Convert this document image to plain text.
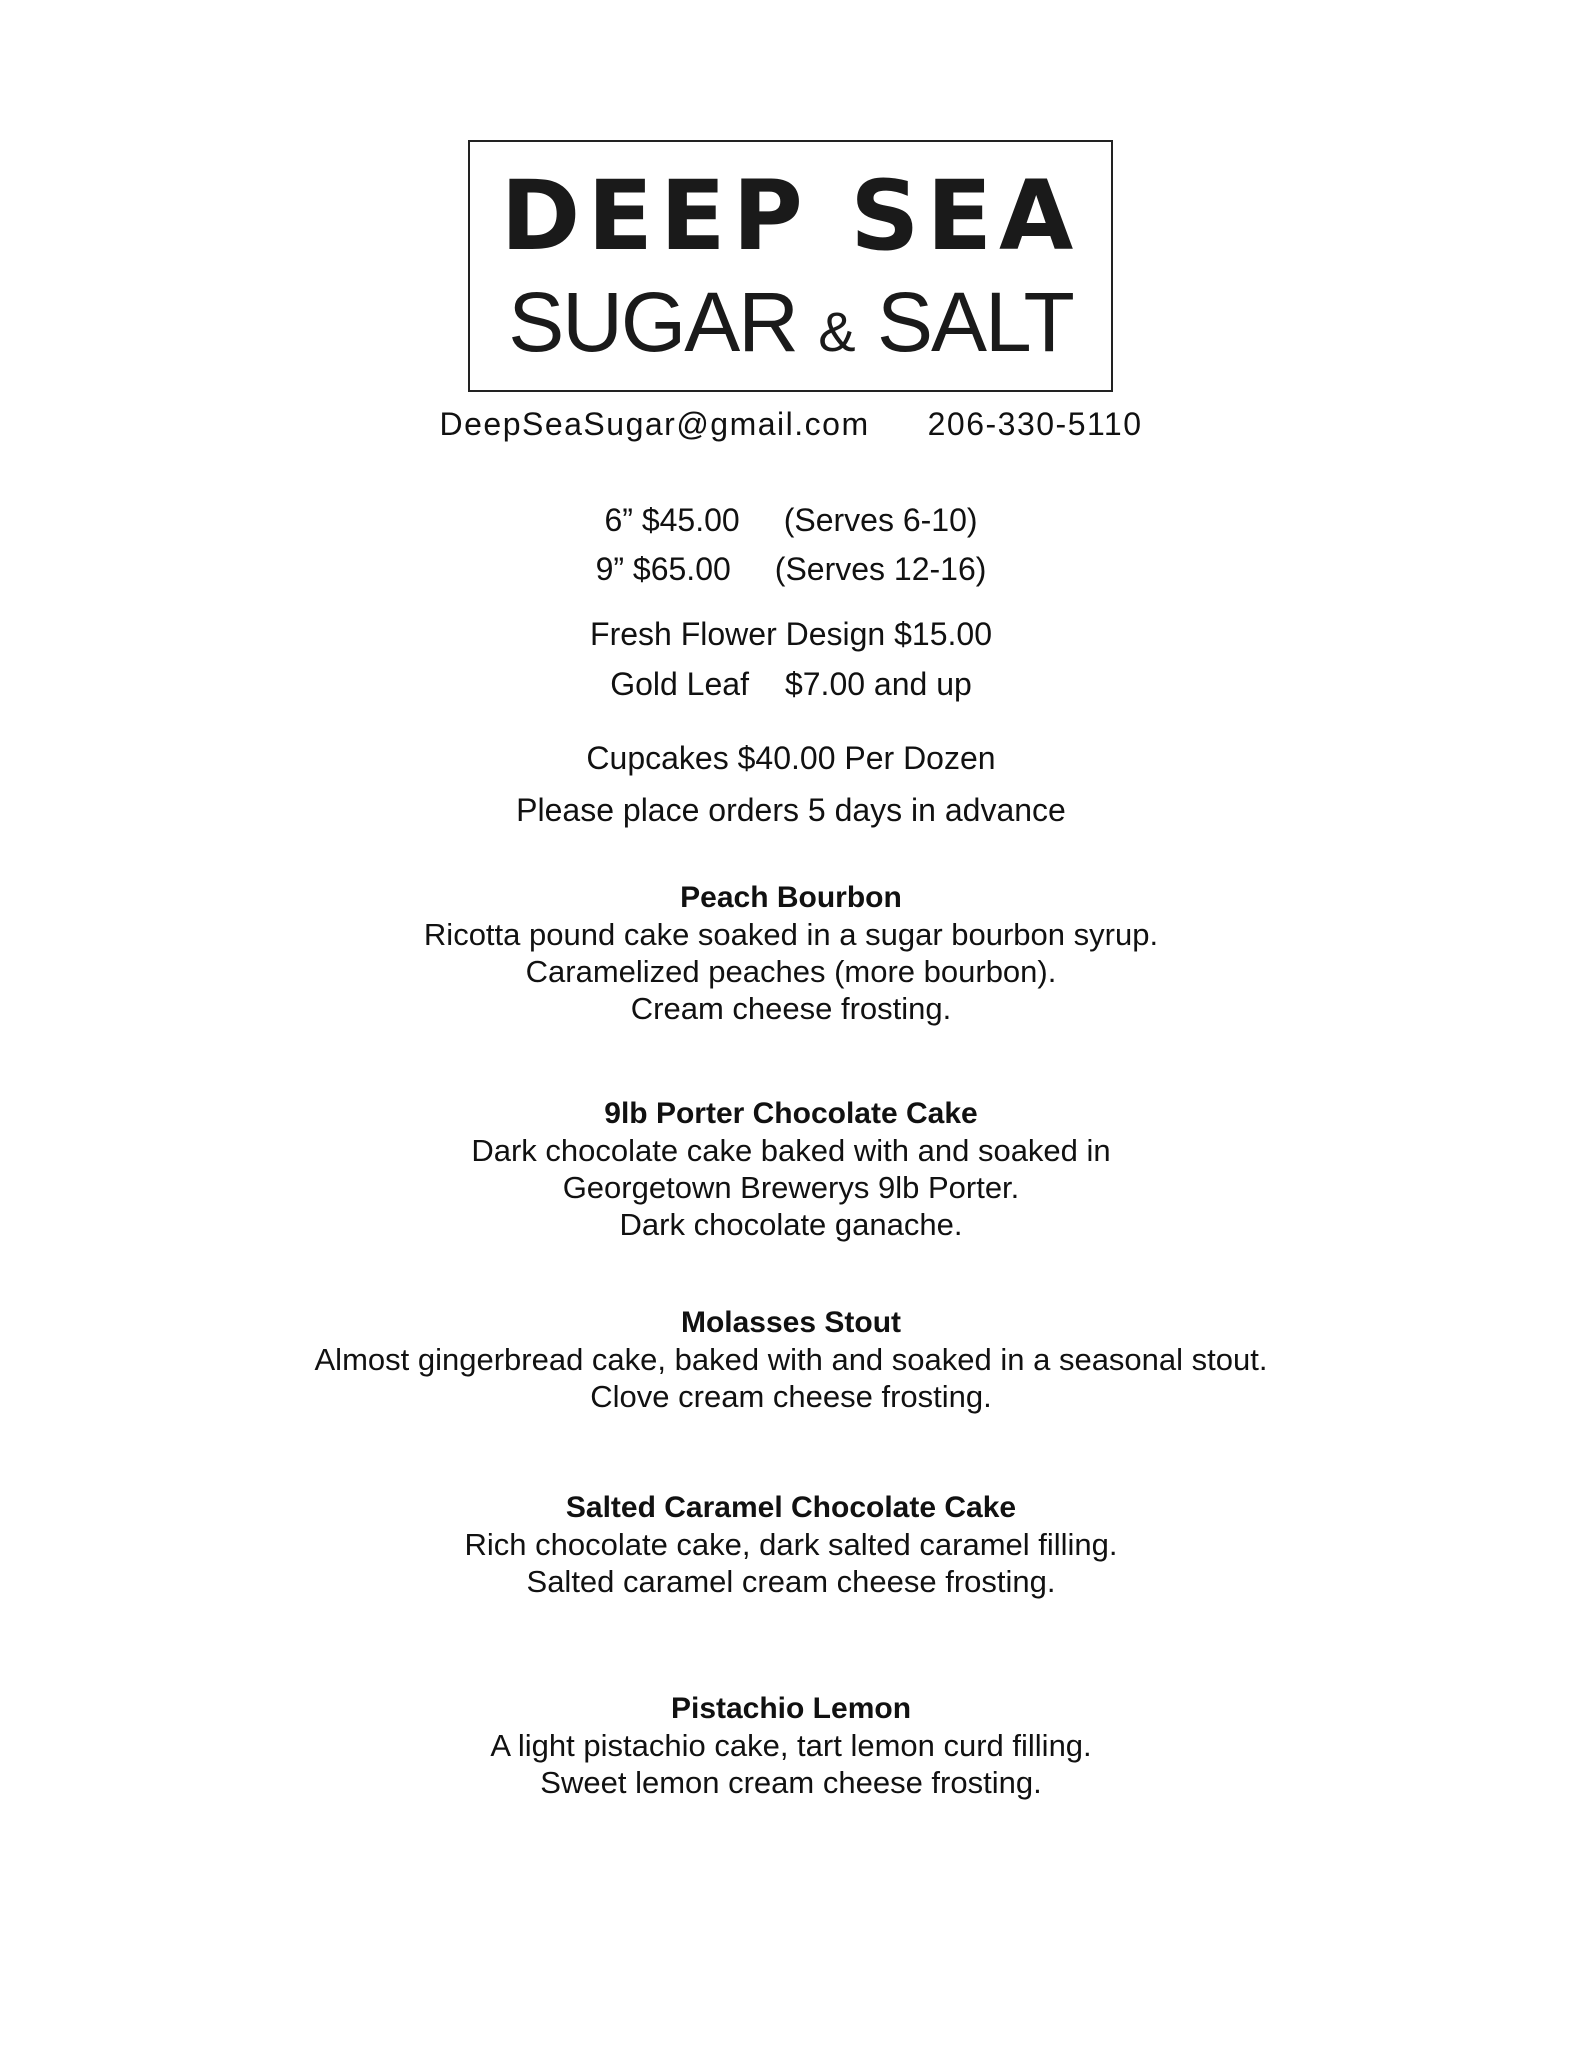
DEEP SEA
SUGAR & SALT
DeepSeaSugar@gmail.com 206-330-5110
6” $45.00 (Serves 6-10)
9” $65.00 (Serves 12-16)
Fresh Flower Design $15.00
Gold Leaf $7.00 and up
Cupcakes $40.00 Per Dozen
Please place orders 5 days in advance
Peach Bourbon
Ricotta pound cake soaked in a sugar bourbon syrup.
Caramelized peaches (more bourbon).
Cream cheese frosting.
9lb Porter Chocolate Cake
Dark chocolate cake baked with and soaked in
Georgetown Brewerys 9lb Porter.
Dark chocolate ganache.
Molasses Stout
Almost gingerbread cake, baked with and soaked in a seasonal stout.
Clove cream cheese frosting.
Salted Caramel Chocolate Cake
Rich chocolate cake, dark salted caramel filling.
Salted caramel cream cheese frosting.
Pistachio Lemon
A light pistachio cake, tart lemon curd filling.
Sweet lemon cream cheese frosting.
